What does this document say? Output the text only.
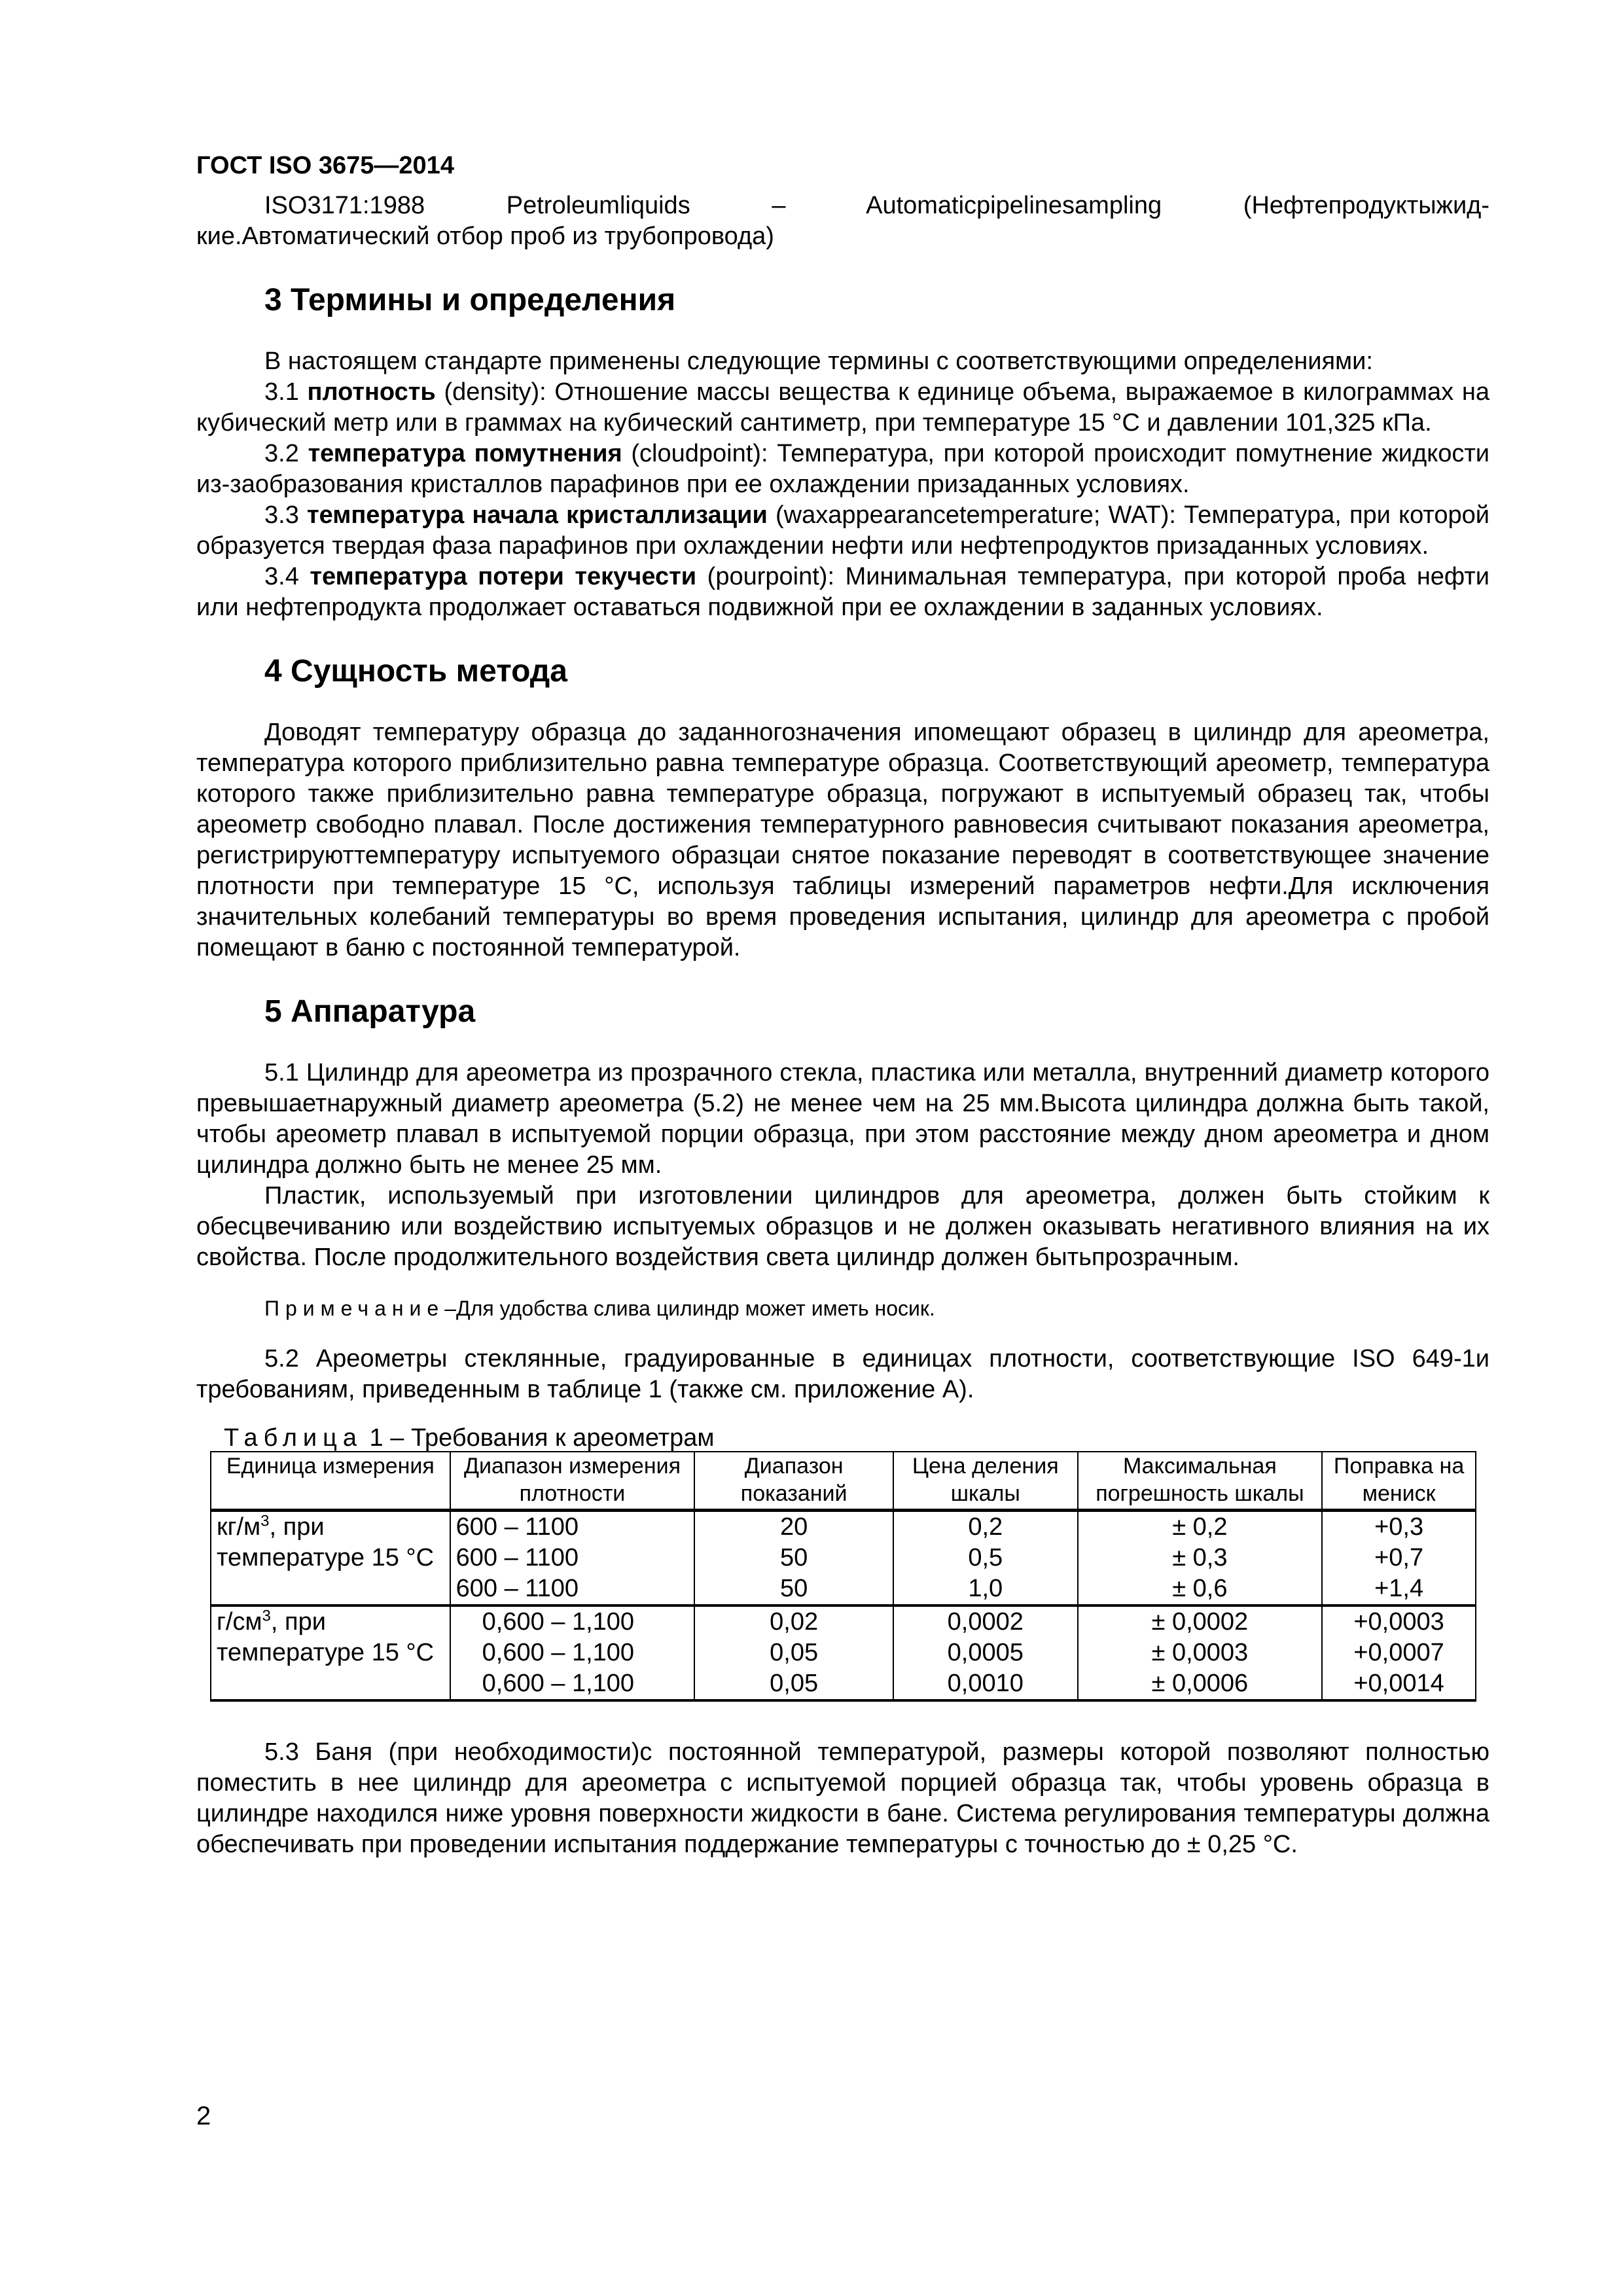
ГОСТ ISO 3675—2014

ISO3171:1988 Petroleumliquids – Automaticpipelinesampling (Нефтепродуктыжид-

кие.Автоматический отбор проб из трубопровода)

3 Термины и определения

В настоящем стандарте применены следующие термины с соответствующими определениями:

3.1 плотность (density): Отношение массы вещества к единице объема, выражаемое в килограммах на кубический метр или в граммах на кубический сантиметр, при температуре 15 °С и давлении 101,325 кПа.

3.2 температура помутнения (cloudpoint): Температура, при которой происходит помутнение жидкости из-заобразования кристаллов парафинов при ее охлаждении призаданных условиях.

3.3 температура начала кристаллизации (waxappearancetemperature; WAT): Температура, при которой образуется твердая фаза парафинов при охлаждении нефти или нефтепродуктов призаданных условиях.

3.4 температура потери текучести (pourpoint): Минимальная температура, при которой проба нефти или нефтепродукта продолжает оставаться подвижной при ее охлаждении в заданных условиях.

4 Сущность метода

Доводят температуру образца до заданногозначения ипомещают образец в цилиндр для ареометра, температура которого приблизительно равна температуре образца. Соответствующий ареометр, температура которого также приблизительно равна температуре образца, погружают в испытуемый образец так, чтобы ареометр свободно плавал. После достижения температурного равновесия считывают показания ареометра, регистрируюттемпературу испытуемого образцаи снятое показание переводят в соответствующее значение плотности при температуре 15 °С, используя таблицы измерений параметров нефти.Для исключения значительных колебаний температуры во время проведения испытания, цилиндр для ареометра с пробой помещают в баню с постоянной температурой.

5 Аппаратура

5.1 Цилиндр для ареометра из прозрачного стекла, пластика или металла, внутренний диаметр которого превышаетнаружный диаметр ареометра (5.2) не менее чем на 25 мм.Высота цилиндра должна быть такой, чтобы ареометр плавал в испытуемой порции образца, при этом расстояние между дном ареометра и дном цилиндра должно быть не менее 25 мм.

Пластик, используемый при изготовлении цилиндров для ареометра, должен быть стойким к обесцвечиванию или воздействию испытуемых образцов и не должен оказывать негативного влияния на их свойства. После продолжительного воздействия света цилиндр должен бытьпрозрачным.

Примечание–Для удобства слива цилиндр может иметь носик.

5.2 Ареометры стеклянные, градуированные в единицах плотности, соответствующие ISO 649-1и требованиям, приведенным в таблице 1 (также см. приложение А).

Таблица 1 – Требования к ареометрам
Единица измерения	Диапазон измерения плотности	Диапазон показаний	Цена деления шкалы	Максимальная погрешность шкалы	Поправка на мениск
$кг/м^3$, при температуре 15 °С	600 – 1100	20	0,2	± 0,2	+0,3
	600 – 1100	50	0,5	± 0,3	+0,7
	600 – 1100	50	1,0	± 0,6	+1,4
$г/см^3$, при температуре 15 °С	0,600 – 1,100	0,02	0,0002	± 0,0002	+0,0003
	0,600 – 1,100	0,05	0,0005	± 0,0003	+0,0007
	0,600 – 1,100	0,05	0,0010	± 0,0006	+0,0014

5.3 Баня (при необходимости)с постоянной температурой, размеры которой позволяют полностью поместить в нее цилиндр для ареометра с испытуемой порцией образца так, чтобы уровень образца в цилиндре находился ниже уровня поверхности жидкости в бане. Система регулирования температуры должна обеспечивать при проведении испытания поддержание температуры с точностью до ± 0,25 °С.

2
